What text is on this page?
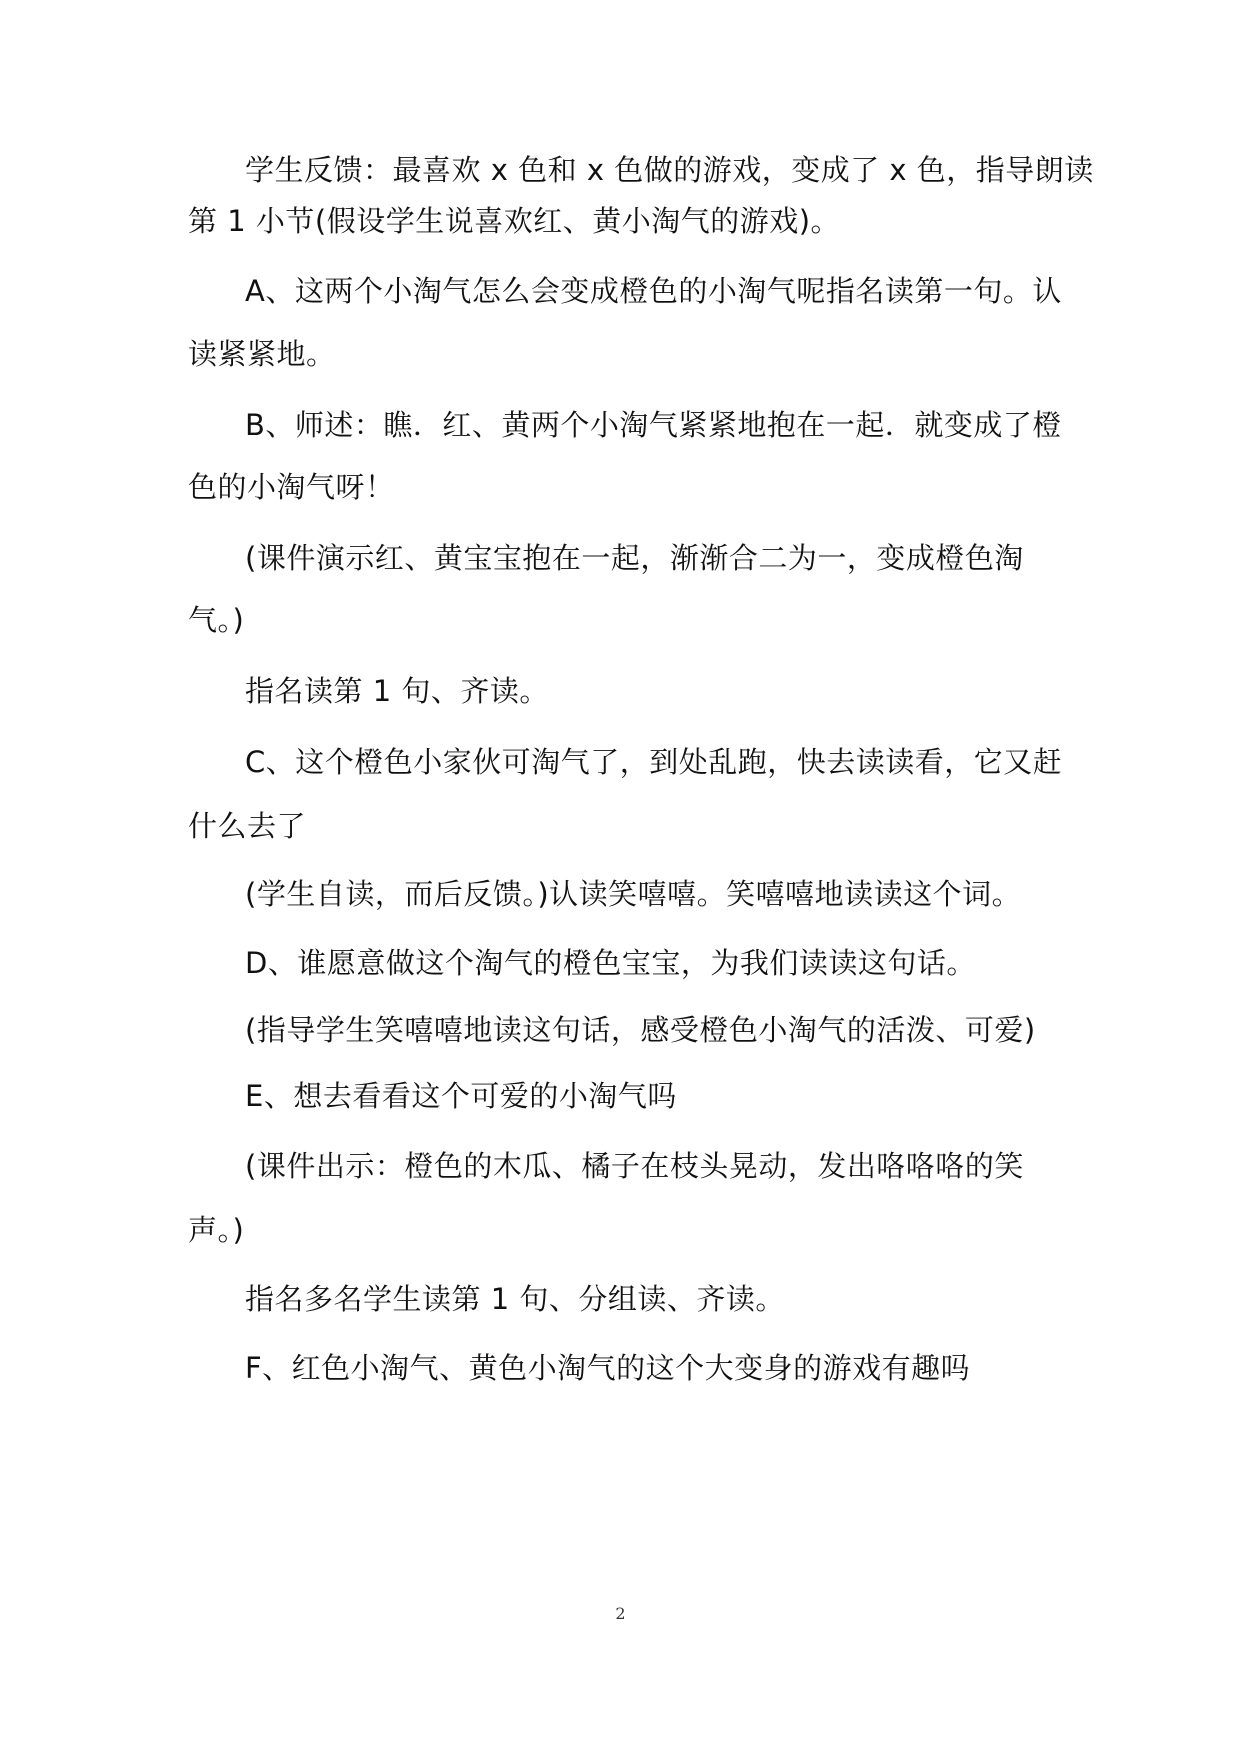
学生反馈：最喜欢 x 色和 x 色做的游戏，变成了 x 色，指导朗读
第 1 小节(假设学生说喜欢红、黄小淘气的游戏)。
A、这两个小淘气怎么会变成橙色的小淘气呢指名读第一句。认
读紧紧地。
B、师述：瞧．红、黄两个小淘气紧紧地抱在一起．就变成了橙
色的小淘气呀！
(课件演示红、黄宝宝抱在一起，渐渐合二为一，变成橙色淘
气。)
指名读第 1 句、齐读。
C、这个橙色小家伙可淘气了，到处乱跑，快去读读看，它又赶
什么去了
(学生自读，而后反馈。)认读笑嘻嘻。笑嘻嘻地读读这个词。
D、谁愿意做这个淘气的橙色宝宝，为我们读读这句话。
(指导学生笑嘻嘻地读这句话，感受橙色小淘气的活泼、可爱)
E、想去看看这个可爱的小淘气吗
(课件出示：橙色的木瓜、橘子在枝头晃动，发出咯咯咯的笑
声。)
指名多名学生读第 1 句、分组读、齐读。
F、红色小淘气、黄色小淘气的这个大变身的游戏有趣吗
2
